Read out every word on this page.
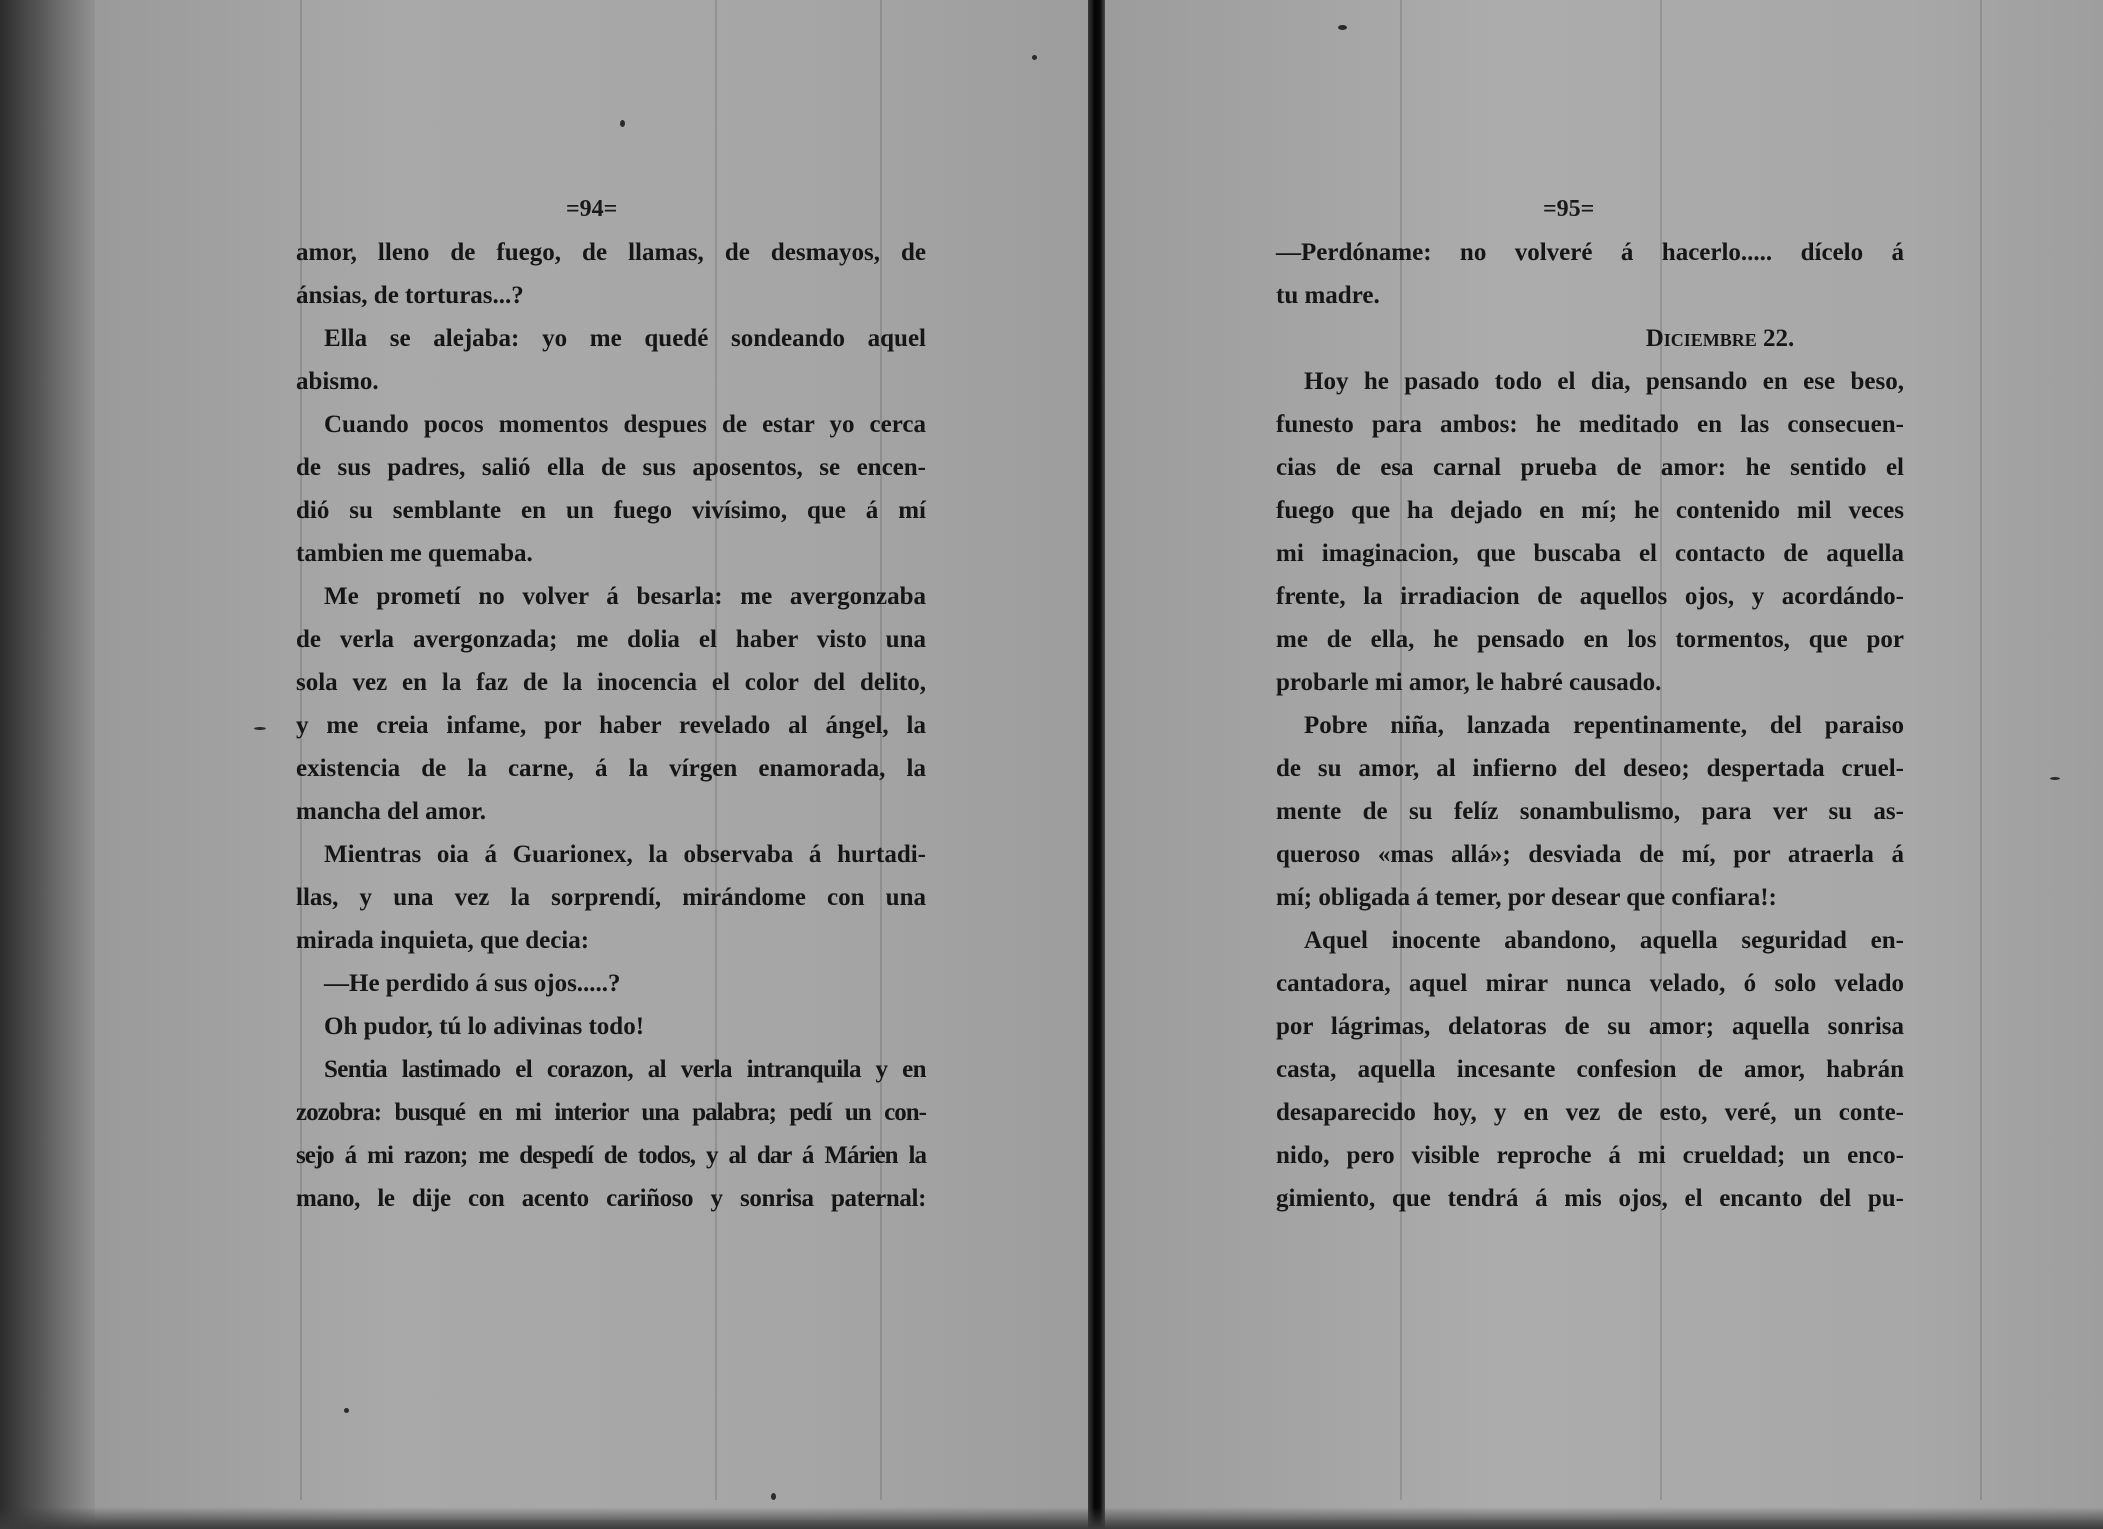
=94=	=95=
amor, lleno de fuego, de llamas, de desmayos, de
ánsias, de torturas...?
Ella se alejaba: yo me quedé sondeando aquel
abismo.
Cuando pocos momentos despues de estar yo cerca
de sus padres, salió ella de sus aposentos, se encen-
dió su semblante en un fuego vivísimo, que á mí
tambien me quemaba.
Me prometí no volver á besarla: me avergonzaba
de verla avergonzada; me dolia el haber visto una
sola vez en la faz de la inocencia el color del delito,
y me creia infame, por haber revelado al ángel, la
existencia de la carne, á la vírgen enamorada, la
mancha del amor.
Mientras oia á Guarionex, la observaba á hurtadi-
llas, y una vez la sorprendí, mirándome con una
mirada inquieta, que decia:
—He perdido á sus ojos.....?
Oh pudor, tú lo adivinas todo!
Sentia lastimado el corazon, al verla intranquila y en
zozobra: busqué en mi interior una palabra; pedí un con-
sejo á mi razon; me despedí de todos, y al dar á Márien la
mano, le dije con acento cariñoso y sonrisa paternal:
—Perdóname: no volveré á hacerlo..... dícelo á
tu madre.
Diciembre 22.
Hoy he pasado todo el dia, pensando en ese beso,
funesto para ambos: he meditado en las consecuen-
cias de esa carnal prueba de amor: he sentido el
fuego que ha dejado en mí; he contenido mil veces
mi imaginacion, que buscaba el contacto de aquella
frente, la irradiacion de aquellos ojos, y acordándo-
me de ella, he pensado en los tormentos, que por
probarle mi amor, le habré causado.
Pobre niña, lanzada repentinamente, del paraiso
de su amor, al infierno del deseo; despertada cruel-
mente de su felíz sonambulismo, para ver su as-
queroso «mas allá»; desviada de mí, por atraerla á
mí; obligada á temer, por desear que confiara!:
Aquel inocente abandono, aquella seguridad en-
cantadora, aquel mirar nunca velado, ó solo velado
por lágrimas, delatoras de su amor; aquella sonrisa
casta, aquella incesante confesion de amor, habrán
desaparecido hoy, y en vez de esto, veré, un conte-
nido, pero visible reproche á mi crueldad; un enco-
gimiento, que tendrá á mis ojos, el encanto del pu-
